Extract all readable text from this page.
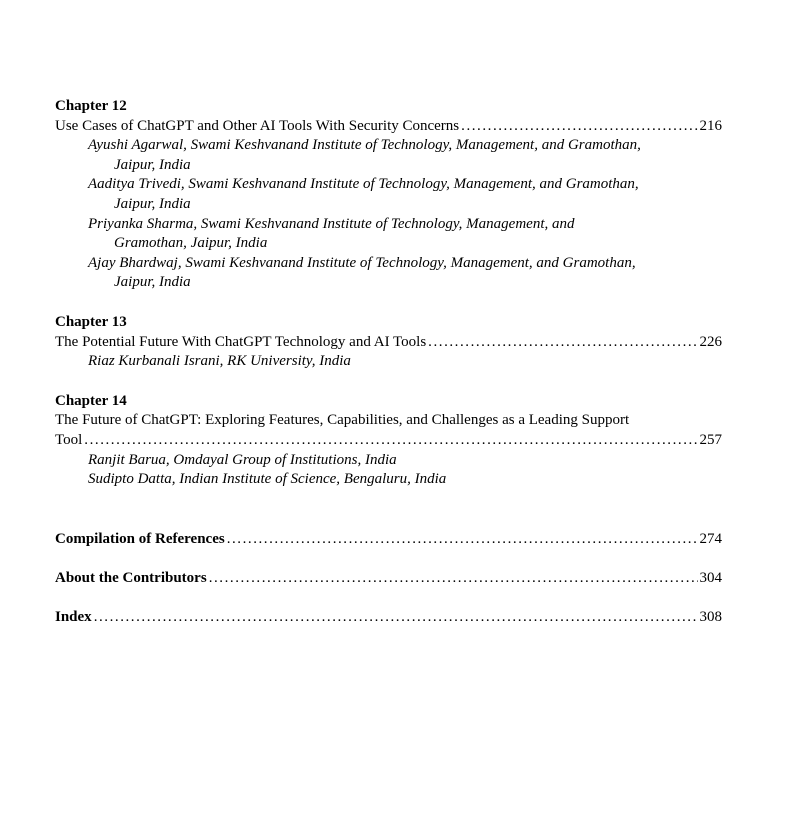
Chapter 12
Use Cases of ChatGPT and Other AI Tools With Security Concerns . . .	216
Ayushi Agarwal, Swami Keshvanand Institute of Technology, Management, and Gramothan,
Jaipur, India
Aaditya Trivedi, Swami Keshvanand Institute of Technology, Management, and Gramothan,
Jaipur, India
Priyanka Sharma, Swami Keshvanand Institute of Technology, Management, and
Gramothan, Jaipur, India
Ajay Bhardwaj, Swami Keshvanand Institute of Technology, Management, and Gramothan,
Jaipur, India
Chapter 13
The Potential Future With ChatGPT Technology and AI Tools . . .	226
Riaz Kurbanali Israni, RK University, India
Chapter 14
The Future of ChatGPT: Exploring Features, Capabilities, and Challenges as a Leading Support
Tool . . .	257
Ranjit Barua, Omdayal Group of Institutions, India
Sudipto Datta, Indian Institute of Science, Bengaluru, India
Compilation of References . . .	274
About the Contributors . . .	304
Index . . .	308
